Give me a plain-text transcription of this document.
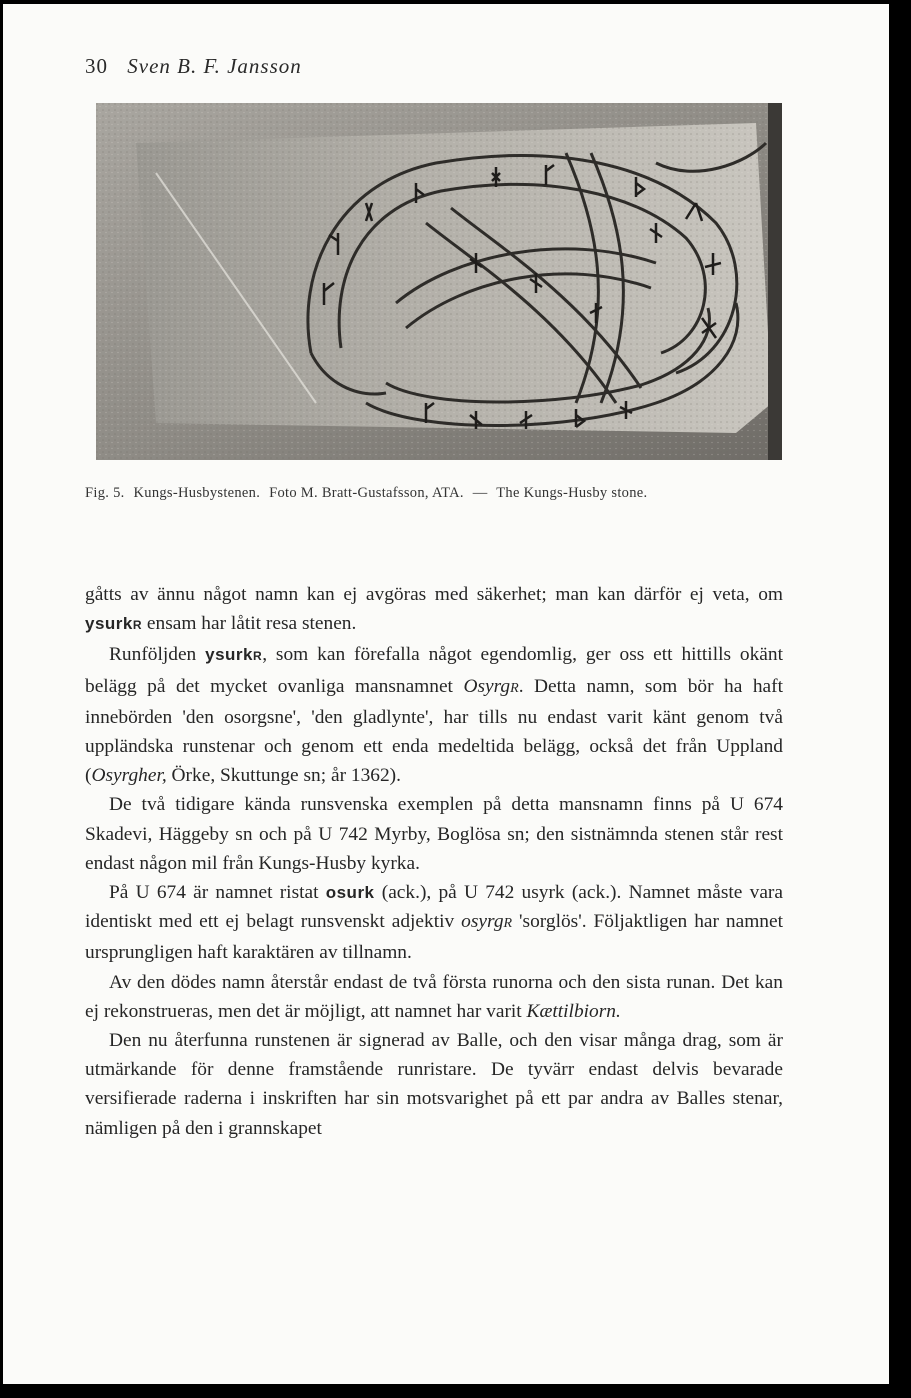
30 Sven B. F. Jansson
Fig. 5. Kungs-Husbystenen. Foto M. Bratt-Gustafsson, ATA. — The Kungs-Husby stone.

gåtts av ännu något namn kan ej avgöras med säkerhet; man kan därför ej veta, om ysurkR ensam har låtit resa stenen.

Runföljden ysurkR, som kan förefalla något egendomlig, ger oss ett hittills okänt belägg på det mycket ovanliga mansnamnet OsyrgR. Detta namn, som bör ha haft innebörden 'den osorgsne', 'den gladlynte', har tills nu endast varit känt genom två uppländska runstenar och genom ett enda medeltida belägg, också det från Uppland (Osyrgher, Örke, Skuttunge sn; år 1362).

De två tidigare kända runsvenska exemplen på detta mansnamn finns på U 674 Skadevi, Häggeby sn och på U 742 Myrby, Boglösa sn; den sistnämnda stenen står rest endast någon mil från Kungs-Husby kyrka.

På U 674 är namnet ristat osurk (ack.), på U 742 usyrk (ack.). Namnet måste vara identiskt med ett ej belagt runsvenskt adjektiv osyrgR 'sorglös'. Följaktligen har namnet ursprungligen haft karaktären av tillnamn.

Av den dödes namn återstår endast de två första runorna och den sista runan. Det kan ej rekonstrueras, men det är möjligt, att namnet har varit Kættilbiorn.

Den nu återfunna runstenen är signerad av Balle, och den visar många drag, som är utmärkande för denne framstående runristare. De tyvärr endast delvis bevarade versifierade raderna i inskriften har sin motsvarighet på ett par andra av Balles stenar, nämligen på den i grannskapet
